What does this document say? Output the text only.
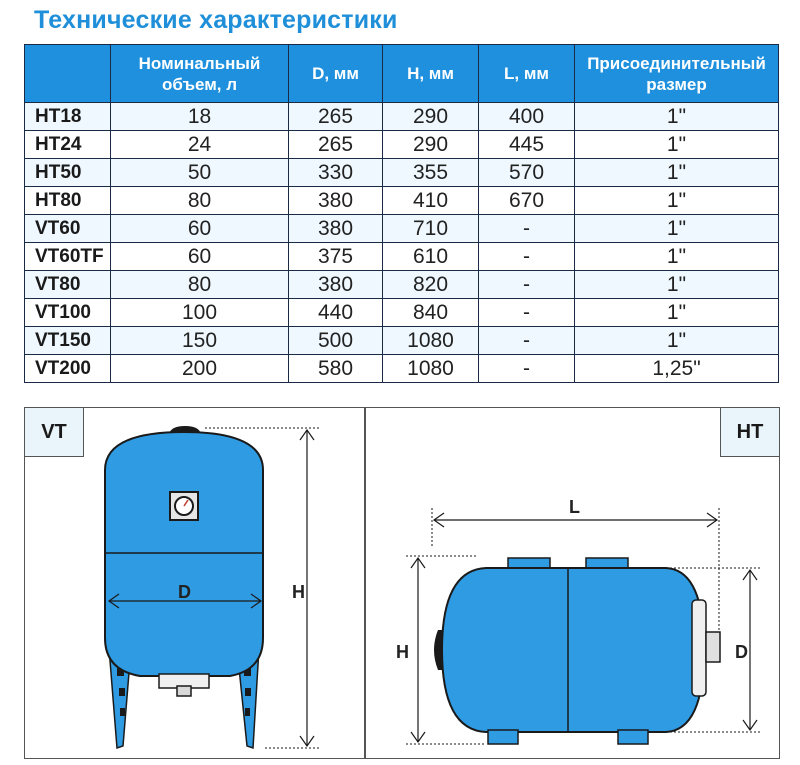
Технические характеристики
	Номинальный объем, л	D, мм	H, мм	L, мм	Присоединительный размер
HT18	18	265	290	400	1"
HT24	24	265	290	445	1"
HT50	50	330	355	570	1"
HT80	80	380	410	670	1"
VT60	60	380	710	-	1"
VT60TF	60	375	610	-	1"
VT80	80	380	820	-	1"
VT100	100	440	840	-	1"
VT150	150	500	1080	-	1"
VT200	200	580	1080	-	1,25"
VT
D	H
HT
L
H	D
